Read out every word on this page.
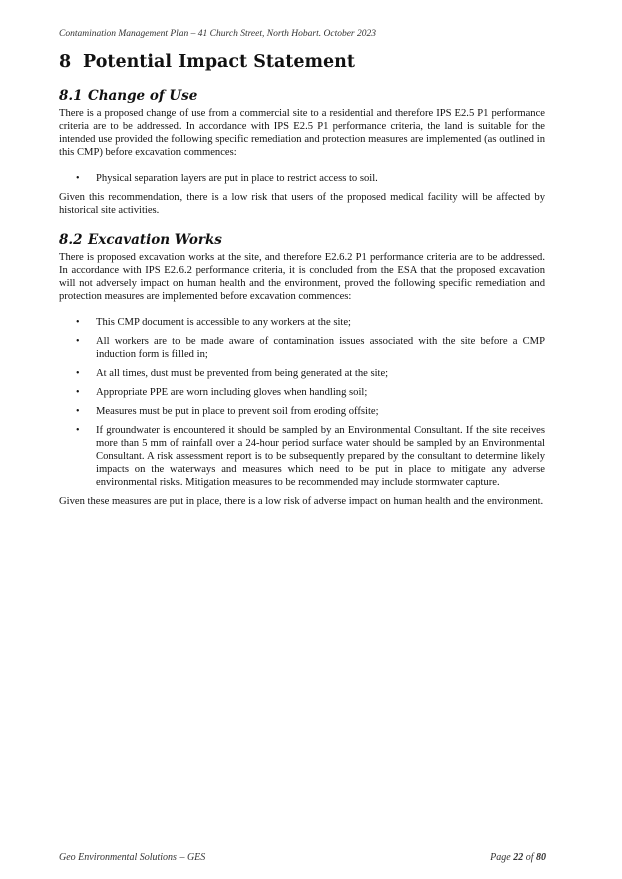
Contamination Management Plan – 41 Church Street, North Hobart. October 2023
8 Potential Impact Statement
8.1 Change of Use

There is a proposed change of use from a commercial site to a residential and therefore IPS E2.5 P1 performance criteria are to be addressed. In accordance with IPS E2.5 P1 performance criteria, the land is suitable for the intended use provided the following specific remediation and protection measures are implemented (as outlined in this CMP) before excavation commences:

• Physical separation layers are put in place to restrict access to soil.

Given this recommendation, there is a low risk that users of the proposed medical facility will be affected by historical site activities.

8.2 Excavation Works

There is proposed excavation works at the site, and therefore E2.6.2 P1 performance criteria are to be addressed. In accordance with IPS E2.6.2 performance criteria, it is concluded from the ESA that the proposed excavation will not adversely impact on human health and the environment, proved the following specific remediation and protection measures are implemented before excavation commences:

• This CMP document is accessible to any workers at the site;
• All workers are to be made aware of contamination issues associated with the site before a CMP induction form is filled in;
• At all times, dust must be prevented from being generated at the site;
• Appropriate PPE are worn including gloves when handling soil;
• Measures must be put in place to prevent soil from eroding offsite;
• If groundwater is encountered it should be sampled by an Environmental Consultant. If the site receives more than 5 mm of rainfall over a 24-hour period surface water should be sampled by an Environmental Consultant. A risk assessment report is to be subsequently prepared by the consultant to determine likely impacts on the waterways and measures which need to be put in place to mitigate any adverse environmental risks. Mitigation measures to be recommended may include stormwater capture.

Given these measures are put in place, there is a low risk of adverse impact on human health and the environment.

Geo Environmental Solutions – GES	Page 22 of 80
